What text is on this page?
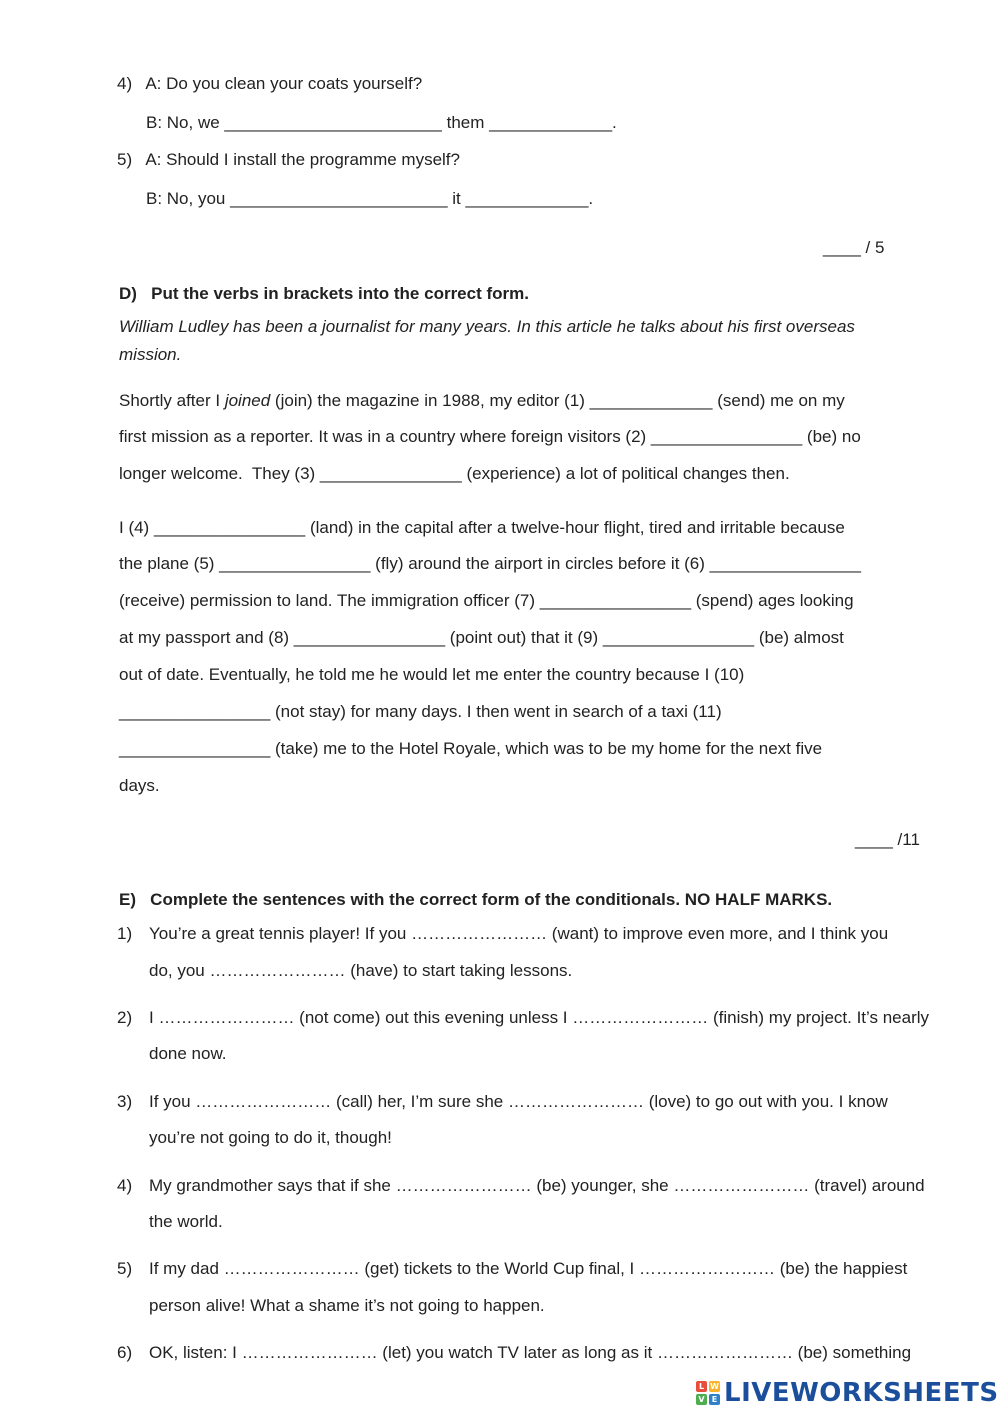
4)   A: Do you clean your coats yourself?
B: No, we _______________________ them _____________.
5)   A: Should I install the programme myself?
B: No, you _______________________ it _____________.
____ / 5
D)   Put the verbs in brackets into the correct form.
William Ludley has been a journalist for many years. In this article he talks about his first overseas
mission.
Shortly after I joined (join) the magazine in 1988, my editor (1) _____________ (send) me on my
first mission as a reporter. It was in a country where foreign visitors (2) ________________ (be) no
longer welcome.  They (3) _______________ (experience) a lot of political changes then.
I (4) ________________ (land) in the capital after a twelve-hour flight, tired and irritable because
the plane (5) ________________ (fly) around the airport in circles before it (6) ________________
(receive) permission to land. The immigration officer (7) ________________ (spend) ages looking
at my passport and (8) ________________ (point out) that it (9) ________________ (be) almost
out of date. Eventually, he told me he would let me enter the country because I (10)
________________ (not stay) for many days. I then went in search of a taxi (11)
________________ (take) me to the Hotel Royale, which was to be my home for the next five
days.
____ /11
E)   Complete the sentences with the correct form of the conditionals. NO HALF MARKS.
1) You’re a great tennis player! If you …………………… (want) to improve even more, and I think you
do, you …………………… (have) to start taking lessons.
2) I …………………… (not come) out this evening unless I …………………… (finish) my project. It’s nearly
done now.
3) If you …………………… (call) her, I’m sure she …………………… (love) to go out with you. I know
you’re not going to do it, though!
4) My grandmother says that if she …………………… (be) younger, she …………………… (travel) around
the world.
5) If my dad …………………… (get) tickets to the World Cup final, I …………………… (be) the happiest
person alive! What a shame it’s not going to happen.
6) OK, listen: I …………………… (let) you watch TV later as long as it …………………… (be) something
L W
V E LIVEWORKSHEETS
